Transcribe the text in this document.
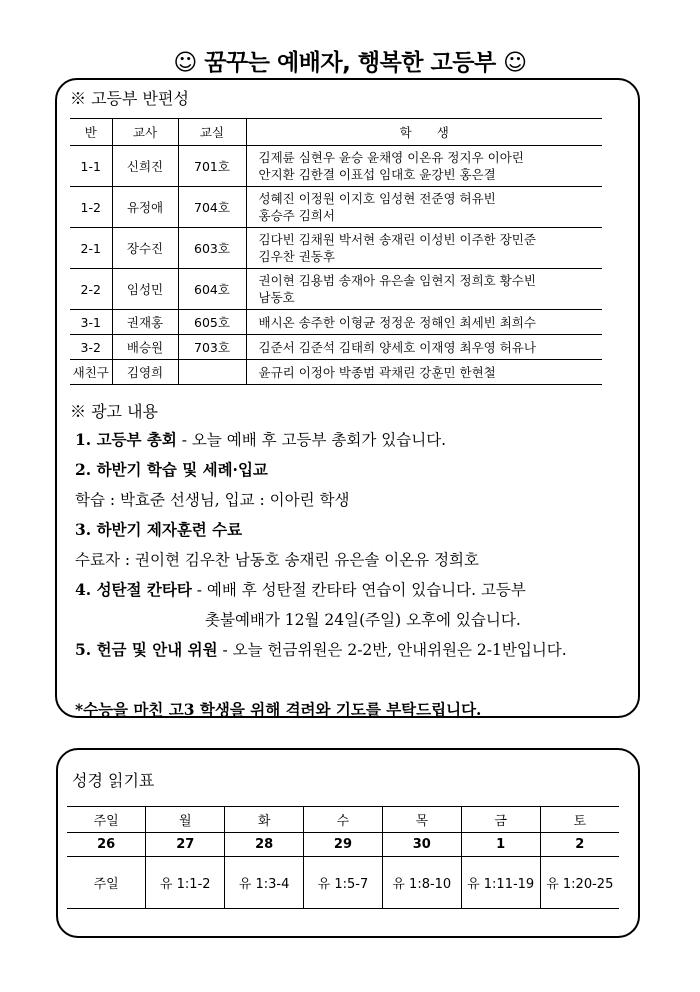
☺ 꿈꾸는 예배자, 행복한 고등부 ☺
※ 고등부 반편성
반	교사	교실	학　　생
1-1	신희진	701호	김제륜 심현우 윤승 윤채영 이온유 정지우 이아린
안지환 김한결 이표섭 임대호 윤강빈 홍은결

1-2	유정애	704호	성혜진 이정원 이지호 임성현 전준영 허유빈
홍승주 김희서

2-1	장수진	603호	김다빈 김채원 박서현 송재린 이성빈 이주한 장민준
김우찬 권동후

2-2	임성민	604호	권이현 김용범 송재아 유은솔 임현지 정희호 황수빈
남동호

3-1	권재홍	605호	배시온 송주한 이형균 정정운 정해인 최세빈 최희수

3-2	배승원	703호	김준서 김준석 김태희 양세호 이재영 최우영 허유나

새친구	김영희		윤규리 이정아 박종범 곽채린 강훈민 한현철
※ 광고 내용
1. 고등부 총회 - 오늘 예배 후 고등부 총회가 있습니다.
2. 하반기 학습 및 세례·입교
학습 : 박효준 선생님, 입교 : 이아린 학생
3. 하반기 제자훈련 수료
수료자 : 권이현 김우찬 남동호 송재린 유은솔 이온유 정희호
4. 성탄절 칸타타 - 예배 후 성탄절 칸타타 연습이 있습니다. 고등부
촛불예배가 12월 24일(주일) 오후에 있습니다.
5. 헌금 및 안내 위원 - 오늘 헌금위원은 2-2반, 안내위원은 2-1반입니다.
*수능을 마친 고3 학생을 위해 격려와 기도를 부탁드립니다.
성경 읽기표
주일	월	화	수	목	금	토
26	27	28	29	30	1	2
주일	유 1:1-2	유 1:3-4	유 1:5-7	유 1:8-10	유 1:11-19	유 1:20-25
